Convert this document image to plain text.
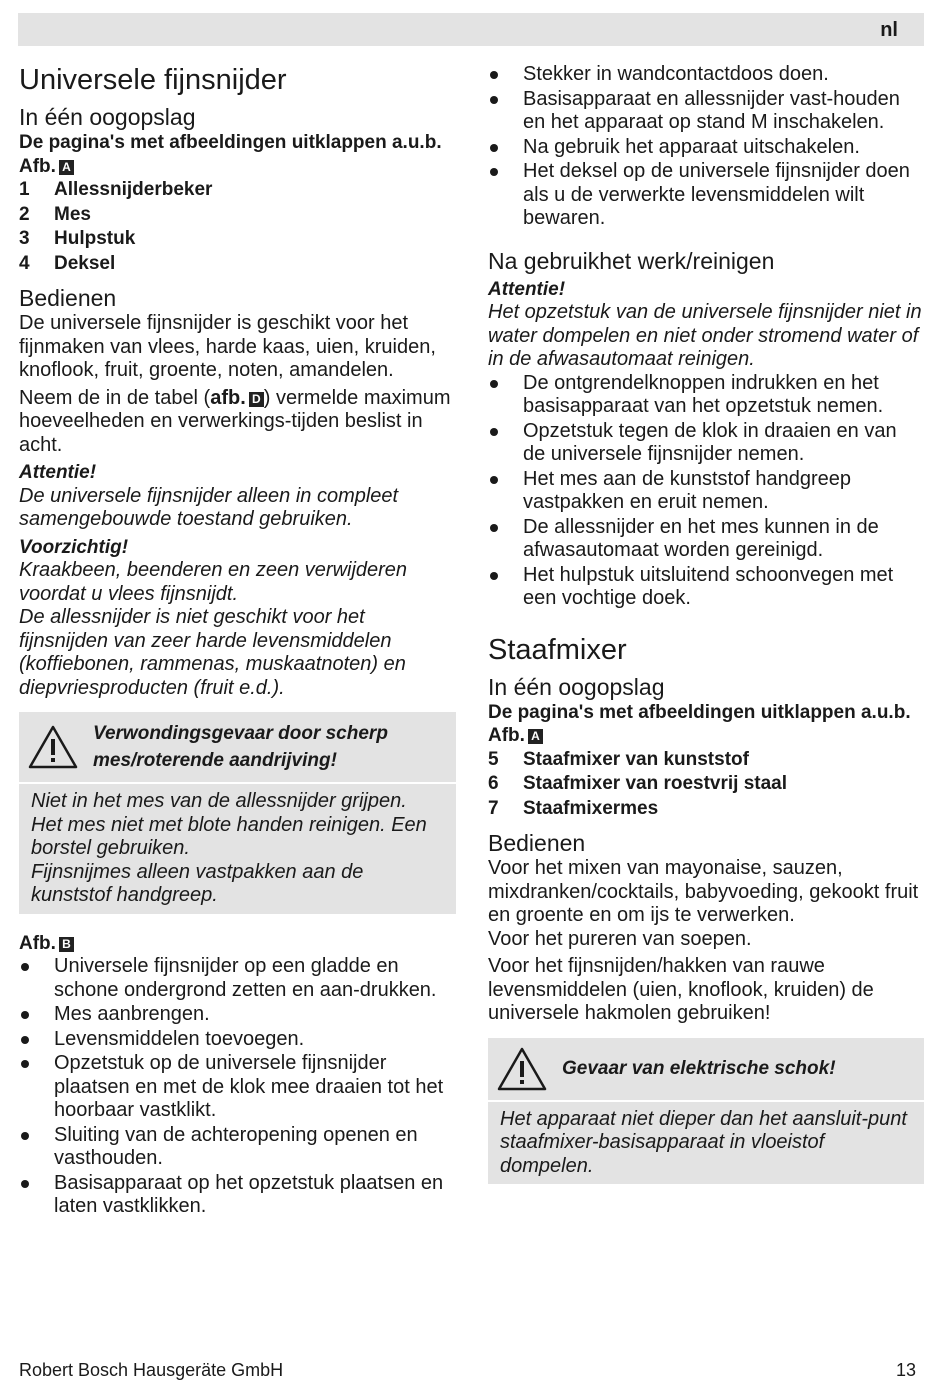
nl
Universele fijnsnijder
In één oogopslag
De pagina's met afbeeldingen uitklappen a.u.b.
Afb. A
1	Allessnijderbeker
2	Mes
3	Hulpstuk
4	Deksel
Bedienen

De universele fijnsnijder is geschikt voor het fijnmaken van vlees, harde kaas, uien, kruiden, knoflook, fruit, groente, noten, amandelen.

Neem de in de tabel (afb. D ) vermelde maximum hoeveelheden en verwerkings-tijden beslist in acht.

Attentie!
De universele fijnsnijder alleen in compleet samengebouwde toestand gebruiken.
Voorzichtig!
Kraakbeen, beenderen en zeen verwijderen voordat u vlees fijnsnijdt.
De allessnijder is niet geschikt voor het fijnsnijden van zeer harde levensmiddelen (koffiebonen, rammenas, muskaatnoten) en diepvriesproducten (fruit e.d.).
Verwondingsgevaar door scherp mes/roterende aandrijving!
Niet in het mes van de allessnijder grijpen.
Het mes niet met blote handen reinigen. Een borstel gebruiken.
Fijnsnijmes alleen vastpakken aan de kunststof handgreep.
Afb. B
Universele fijnsnijder op een gladde en schone ondergrond zetten en aan-drukken.
Mes aanbrengen.
Levensmiddelen toevoegen.
Opzetstuk op de universele fijnsnijder plaatsen en met de klok mee draaien tot het hoorbaar vastklikt.
Sluiting van de achteropening openen en vasthouden.
Basisapparaat op het opzetstuk plaatsen en laten vastklikken.
Stekker in wandcontactdoos doen.
Basisapparaat en allessnijder vast-houden en het apparaat op stand M inschakelen.
Na gebruik het apparaat uitschakelen.
Het deksel op de universele fijnsnijder doen als u de verwerkte levensmiddelen wilt bewaren.
Na gebruikhet werk/reinigen
Attentie!
Het opzetstuk van de universele fijnsnijder niet in water dompelen en niet onder stromend water of in de afwasautomaat reinigen.
De ontgrendelknoppen indrukken en het basisapparaat van het opzetstuk nemen.
Opzetstuk tegen de klok in draaien en van de universele fijnsnijder nemen.
Het mes aan de kunststof handgreep vastpakken en eruit nemen.
De allessnijder en het mes kunnen in de afwasautomaat worden gereinigd.
Het hulpstuk uitsluitend schoonvegen met een vochtige doek.
Staafmixer
In één oogopslag
De pagina's met afbeeldingen uitklappen a.u.b.
Afb. A
5	Staafmixer van kunststof
6	Staafmixer van roestvrij staal
7	Staafmixermes
Bedienen

Voor het mixen van mayonaise, sauzen, mixdranken/cocktails, babyvoeding, gekookt fruit en groente en om ijs te verwerken.

Voor het pureren van soepen.

Voor het fijnsnijden/hakken van rauwe levensmiddelen (uien, knoflook, kruiden) de universele hakmolen gebruiken!

Gevaar van elektrische schok!
Het apparaat niet dieper dan het aansluit-punt staafmixer-basisapparaat in vloeistof dompelen.
Robert Bosch Hausgeräte GmbH	13
